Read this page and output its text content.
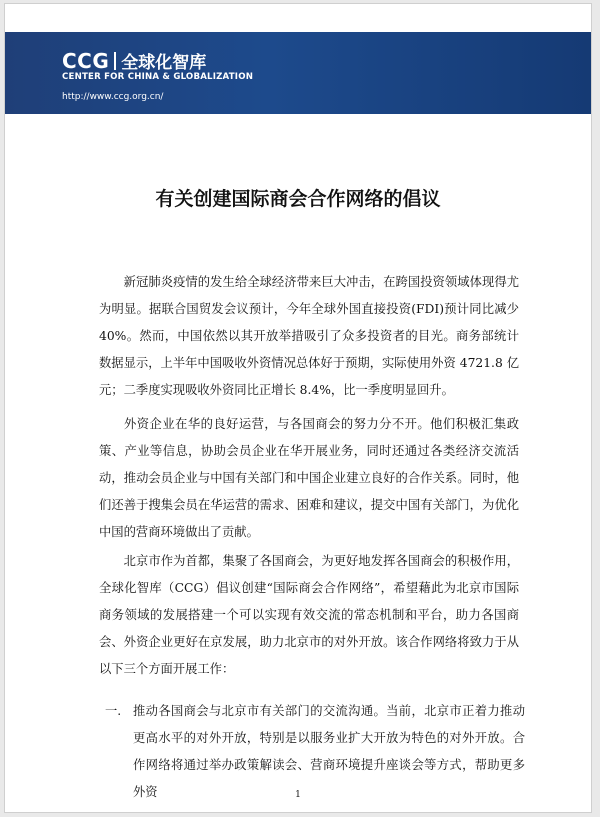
CCG 全球化智库
CENTER FOR CHINA & GLOBALIZATION
http://www.ccg.org.cn/
有关创建国际商会合作网络的倡议

新冠肺炎疫情的发生给全球经济带来巨大冲击，在跨国投资领域体现得尤为明显。据联合国贸发会议预计，今年全球外国直接投资(FDI)预计同比减少40%。然而，中国依然以其开放举措吸引了众多投资者的目光。商务部统计数据显示，上半年中国吸收外资情况总体好于预期，实际使用外资 4721.8 亿元；二季度实现吸收外资同比正增长 8.4%，比一季度明显回升。

外资企业在华的良好运营，与各国商会的努力分不开。他们积极汇集政策、产业等信息，协助会员企业在华开展业务，同时还通过各类经济交流活动，推动会员企业与中国有关部门和中国企业建立良好的合作关系。同时，他们还善于搜集会员在华运营的需求、困难和建议，提交中国有关部门，为优化中国的营商环境做出了贡献。

北京市作为首都，集聚了各国商会，为更好地发挥各国商会的积极作用，全球化智库（CCG）倡议创建“国际商会合作网络”，希望藉此为北京市国际商务领域的发展搭建一个可以实现有效交流的常态机制和平台，助力各国商会、外资企业更好在京发展，助力北京市的对外开放。该合作网络将致力于从以下三个方面开展工作：

一. 推动各国商会与北京市有关部门的交流沟通。当前，北京市正着力推动更高水平的对外开放，特别是以服务业扩大开放为特色的对外开放。合作网络将通过举办政策解读会、营商环境提升座谈会等方式，帮助更多外资	1
